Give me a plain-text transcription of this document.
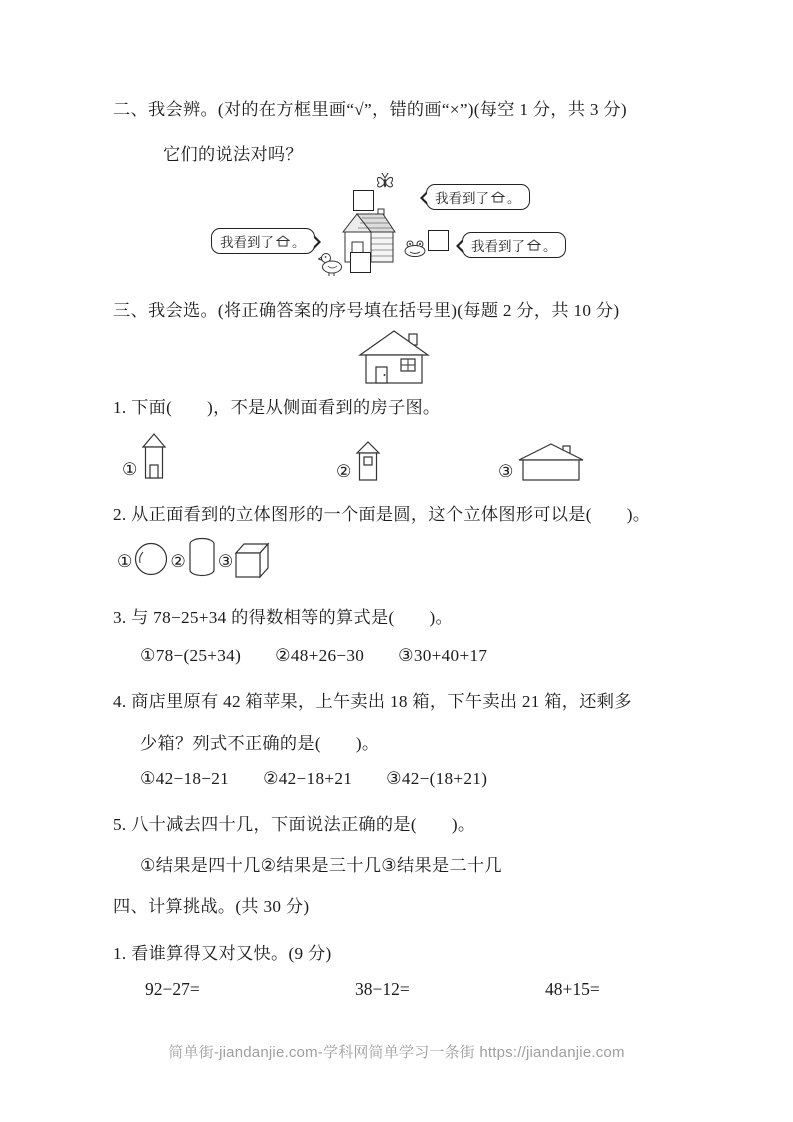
二、我会辨。(对的在方框里画“√”，错的画“×”)(每空 1 分，共 3 分)
它们的说法对吗？
我看到了 。
我看到了 。	我看到了 。
三、我会选。(将正确答案的序号填在括号里)(每题 2 分，共 10 分)
1. 下面(　　)，不是从侧面看到的房子图。
①	②	③
2. 从正面看到的立体图形的一个面是圆，这个立体图形可以是(　　)。
① ② ③
3. 与 78−25+34 的得数相等的算式是(　　)。
①78−(25+34) ②48+26−30 ③30+40+17
4. 商店里原有 42 箱苹果，上午卖出 18 箱，下午卖出 21 箱，还剩多
少箱？列式不正确的是(　　)。
①42−18−21 ②42−18+21 ③42−(18+21)
5. 八十减去四十几，下面说法正确的是(　　)。
①结果是四十几②结果是三十几③结果是二十几
四、计算挑战。(共 30 分)
1. 看谁算得又对又快。(9 分)
92−27=	38−12=	48+15=
简单街-jiandanjie.com-学科网简单学习一条街 https://jiandanjie.com
